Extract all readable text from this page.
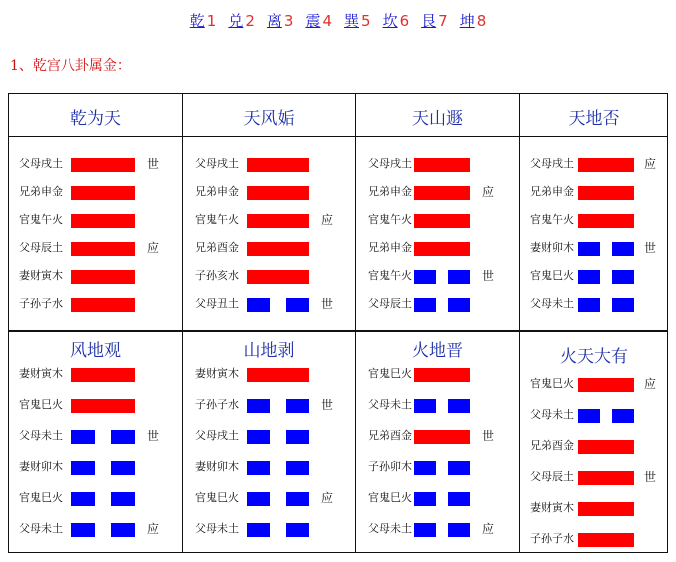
乾 1 兑 2 离 3 震 4 巽 5 坎 6 艮 7 坤 8
1、乾宫八卦属金：
乾为天
父母戌土	世
兄弟申金
官鬼午火
父母辰土	应
妻财寅木
子孙子水
天风姤
父母戌土
兄弟申金
官鬼午火	应
兄弟酉金
子孙亥水
父母丑土	世
天山遯
父母戌土
兄弟申金	应
官鬼午火
兄弟申金
官鬼午火	世
父母辰土
天地否
父母戌土	应
兄弟申金
官鬼午火
妻财卯木	世
官鬼巳火
父母未土
风地观
妻财寅木
官鬼巳火
父母未土	世
妻财卯木
官鬼巳火
父母未土	应
山地剥
妻财寅木
子孙子水	世
父母戌土
妻财卯木
官鬼巳火	应
父母未土
火地晋
官鬼巳火
父母未土
兄弟酉金	世
子孙卯木
官鬼巳火
父母未土	应
火天大有
官鬼巳火	应
父母未土
兄弟酉金
父母辰土	世
妻财寅木
子孙子水
